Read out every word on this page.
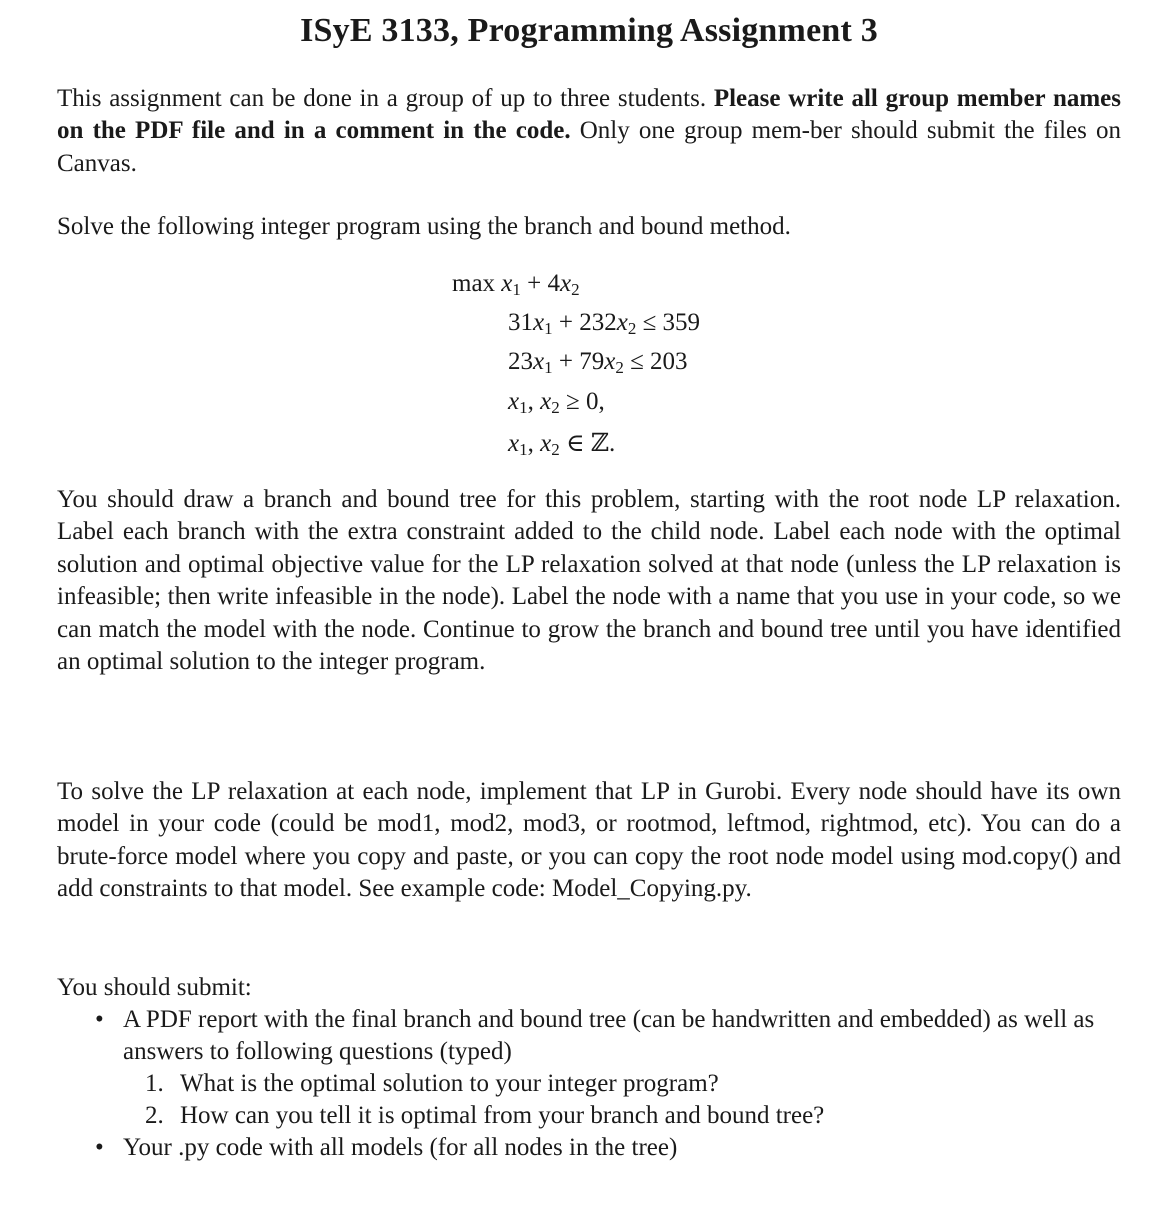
ISyE 3133, Programming Assignment 3

This assignment can be done in a group of up to three students. Please write all group member names on the PDF file and in a comment in the code. Only one group mem-ber should submit the files on Canvas.

Solve the following integer program using the branch and bound method.

$\max x_1 + 4x_2$
$31x_1 + 232x_2 \le 359$
$23x_1 + 79x_2 \le 203$
$x_1$, $x_2 \ge 0$,
$x_1$, $x_2$ ∈ ℤ.

You should draw a branch and bound tree for this problem, starting with the root node LP relaxation. Label each branch with the extra constraint added to the child node. Label each node with the optimal solution and optimal objective value for the LP relaxation solved at that node (unless the LP relaxation is infeasible; then write infeasible in the node). Label the node with a name that you use in your code, so we can match the model with the node. Continue to grow the branch and bound tree until you have identified an optimal solution to the integer program.

To solve the LP relaxation at each node, implement that LP in Gurobi. Every node should have its own model in your code (could be mod1, mod2, mod3, or rootmod, leftmod, rightmod, etc). You can do a brute-force model where you copy and paste, or you can copy the root node model using mod.copy() and add constraints to that model. See example code: Model_Copying.py.

You should submit:
• A PDF report with the final branch and bound tree (can be handwritten and embedded) as well as answers to following questions (typed)
1. What is the optimal solution to your integer program?
2. How can you tell it is optimal from your branch and bound tree?
• Your .py code with all models (for all nodes in the tree)
